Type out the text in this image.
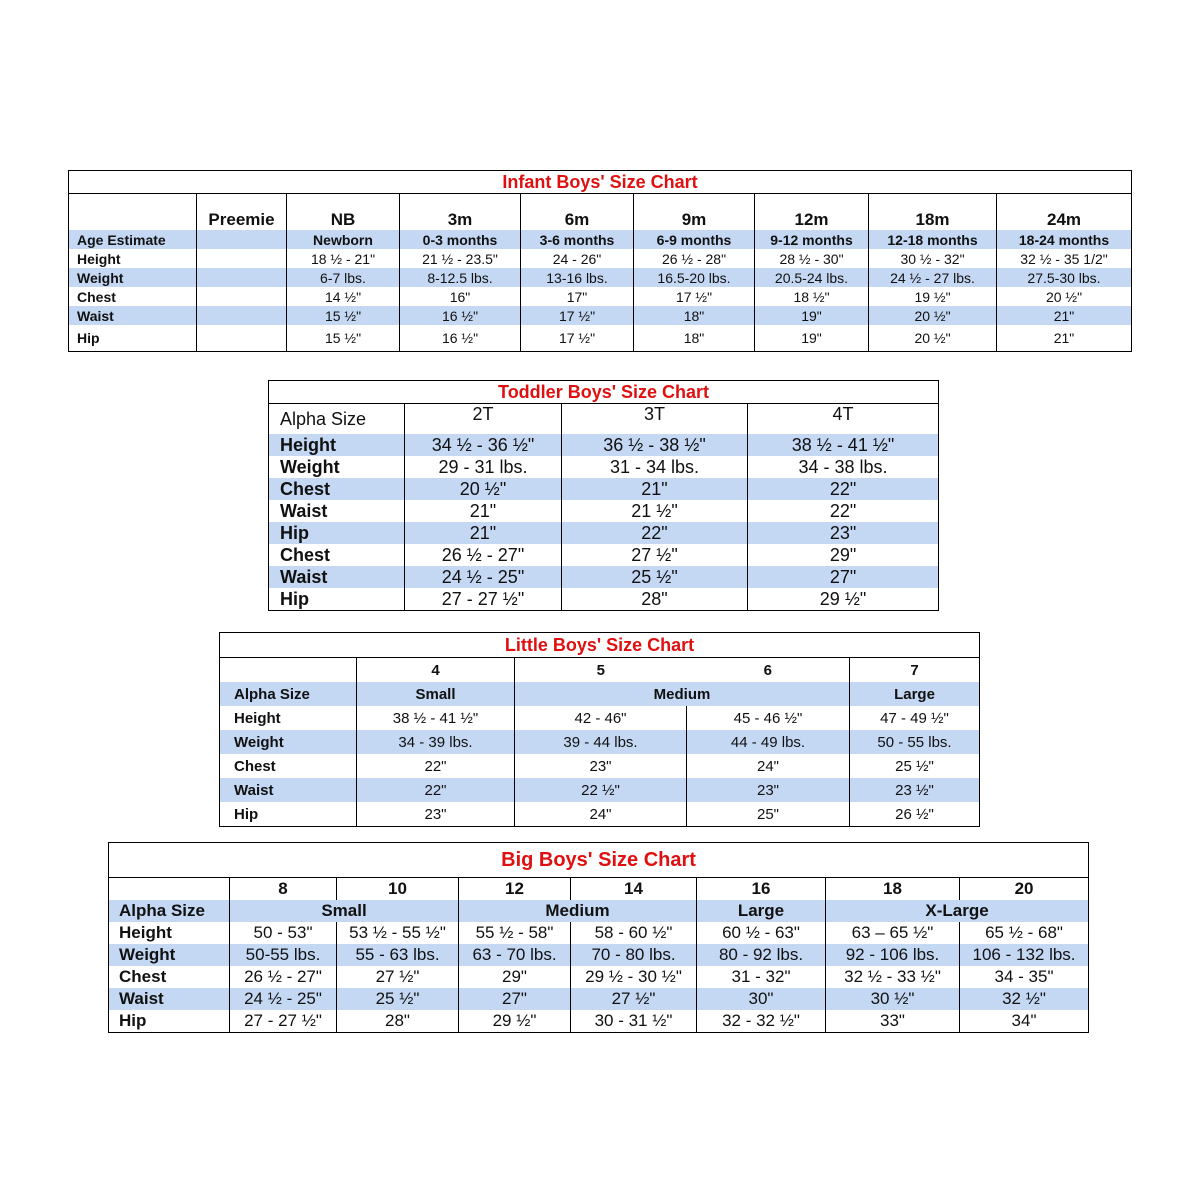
Infant Boys' Size Chart								
	Preemie	NB	3m	6m	9m	12m	18m	24m
Age Estimate		Newborn	0-3 months	3-6 months	6-9 months	9-12 months	12-18 months	18-24 months
Height		18 ½ - 21"	21 ½ - 23.5"	24 - 26"	26 ½ - 28"	28 ½ - 30"	30 ½ - 32"	32 ½ - 35 1/2"
Weight		6-7 lbs.	8-12.5 lbs.	13-16 lbs.	16.5-20 lbs.	20.5-24 lbs.	24 ½ - 27 lbs.	27.5-30 lbs.
Chest		14 ½"	16"	17"	17 ½"	18 ½"	19 ½"	20 ½"
Waist		15 ½"	16 ½"	17 ½"	18"	19"	20 ½"	21"
Hip		15 ½"	16 ½"	17 ½"	18"	19"	20 ½"	21"
Toddler Boys' Size Chart			
Alpha Size	2T	3T	4T
Height	34 ½ - 36 ½"	36 ½ - 38 ½"	38 ½ - 41 ½"
Weight	29 - 31 lbs.	31 - 34 lbs.	34 - 38 lbs.
Chest	20 ½"	21"	22"
Waist	21"	21 ½"	22"
Hip	21"	22"	23"
Chest	26 ½ - 27"	27 ½"	29"
Waist	24 ½ - 25"	25 ½"	27"
Hip	27 - 27 ½"	28"	29 ½"
Little Boys' Size Chart				
	4	5	6	7
Alpha Size	Small	Medium		Large
Height	38 ½ - 41 ½"	42 - 46"	45 - 46 ½"	47 - 49 ½"
Weight	34 - 39 lbs.	39 - 44 lbs.	44 - 49 lbs.	50 - 55 lbs.
Chest	22"	23"	24"	25 ½"
Waist	22"	22 ½"	23"	23 ½"
Hip	23"	24"	25"	26 ½"
Big Boys' Size Chart							
	8	10	12	14	16	18	20
Alpha Size	Small		Medium		Large	X-Large	
Height	50 - 53"	53 ½ - 55 ½"	55 ½ - 58"	58 - 60 ½"	60 ½ - 63"	63 – 65 ½"	65 ½ - 68"
Weight	50-55 lbs.	55 - 63 lbs.	63 - 70 lbs.	70 - 80 lbs.	80 - 92 lbs.	92 - 106 lbs.	106 - 132 lbs.
Chest	26 ½ - 27"	27 ½"	29"	29 ½ - 30 ½"	31 - 32"	32 ½ - 33 ½"	34 - 35"
Waist	24 ½ - 25"	25 ½"	27"	27 ½"	30"	30 ½"	32 ½"
Hip	27 - 27 ½"	28"	29 ½"	30 - 31 ½"	32 - 32 ½"	33"	34"
